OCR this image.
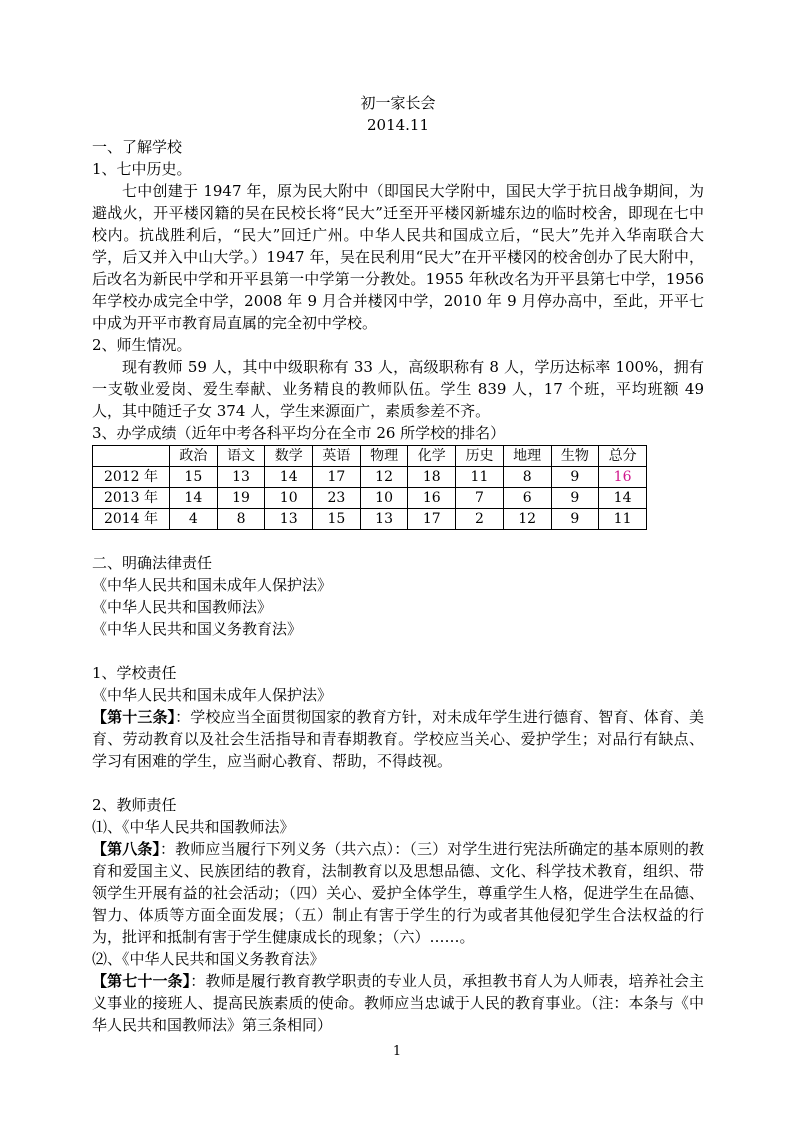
初一家长会

2014.11

一、了解学校

1、七中历史。

七中创建于 1947 年，原为民大附中（即国民大学附中，国民大学于抗日战争期间，为避战火，开平楼冈籍的吴在民校长将“民大”迁至开平楼冈新墟东边的临时校舍，即现在七中校内。抗战胜利后，“民大”回迁广州。中华人民共和国成立后，“民大”先并入华南联合大学，后又并入中山大学。）1947 年，吴在民利用“民大”在开平楼冈的校舍创办了民大附中，后改名为新民中学和开平县第一中学第一分教处。1955 年秋改名为开平县第七中学，1956 年学校办成完全中学，2008 年 9 月合并楼冈中学，2010 年 9 月停办高中，至此，开平七中成为开平市教育局直属的完全初中学校。

2、师生情况。

现有教师 59 人，其中中级职称有 33 人，高级职称有 8 人，学历达标率 100%，拥有一支敬业爱岗、爱生奉献、业务精良的教师队伍。学生 839 人，17 个班，平均班额 49 人，其中随迁子女 374 人，学生来源面广，素质参差不齐。

3、办学成绩（近年中考各科平均分在全市 26 所学校的排名）

	政治	语文	数学	英语	物理	化学	历史	地理	生物	总分
2012 年	15	13	14	17	12	18	11	8	9	16
2013 年	14	19	10	23	10	16	7	6	9	14
2014 年	4	8	13	15	13	17	2	12	9	11

二、明确法律责任

《中华人民共和国未成年人保护法》

《中华人民共和国教师法》

《中华人民共和国义务教育法》

1、学校责任

《中华人民共和国未成年人保护法》

【第十三条】：学校应当全面贯彻国家的教育方针，对未成年学生进行德育、智育、体育、美育、劳动教育以及社会生活指导和青春期教育。学校应当关心、爱护学生；对品行有缺点、学习有困难的学生，应当耐心教育、帮助，不得歧视。

2、教师责任

⑴、《中华人民共和国教师法》

【第八条】：教师应当履行下列义务（共六点）：（三）对学生进行宪法所确定的基本原则的教育和爱国主义、民族团结的教育，法制教育以及思想品德、文化、科学技术教育，组织、带领学生开展有益的社会活动；（四）关心、爱护全体学生，尊重学生人格，促进学生在品德、智力、体质等方面全面发展；（五）制止有害于学生的行为或者其他侵犯学生合法权益的行为，批评和抵制有害于学生健康成长的现象；（六）……。

⑵、《中华人民共和国义务教育法》

【第七十一条】：教师是履行教育教学职责的专业人员，承担教书育人为人师表，培养社会主义事业的接班人、提高民族素质的使命。教师应当忠诚于人民的教育事业。（注：本条与《中华人民共和国教师法》第三条相同）

1
